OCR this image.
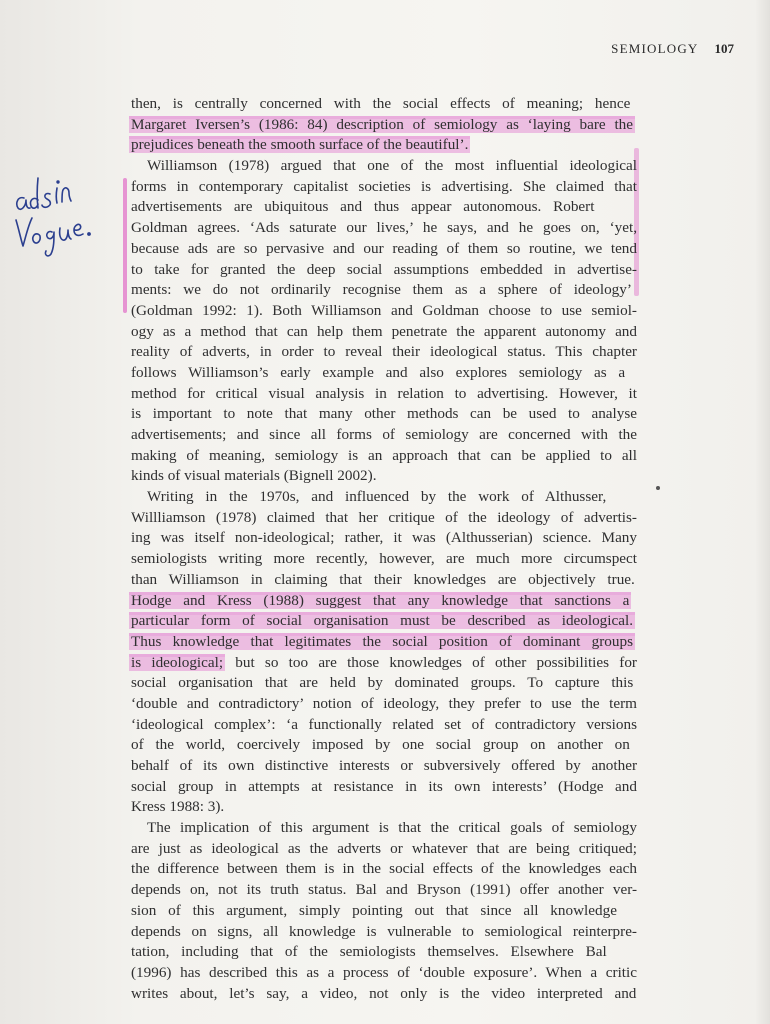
SEMIOLOGY 107
then, is centrally concerned with the social effects of meaning; hence
Margaret Iversen’s (1986: 84) description of semiology as ‘laying bare the
prejudices beneath the smooth surface of the beautiful’.
Williamson (1978) argued that one of the most influential ideological
forms in contemporary capitalist societies is advertising. She claimed that
advertisements are ubiquitous and thus appear autonomous. Robert
Goldman agrees. ‘Ads saturate our lives,’ he says, and he goes on, ‘yet,
because ads are so pervasive and our reading of them so routine, we tend
to take for granted the deep social assumptions embedded in advertise-
ments: we do not ordinarily recognise them as a sphere of ideology’
(Goldman 1992: 1). Both Williamson and Goldman choose to use semiol-
ogy as a method that can help them penetrate the apparent autonomy and
reality of adverts, in order to reveal their ideological status. This chapter
follows Williamson’s early example and also explores semiology as a
method for critical visual analysis in relation to advertising. However, it
is important to note that many other methods can be used to analyse
advertisements; and since all forms of semiology are concerned with the
making of meaning, semiology is an approach that can be applied to all
kinds of visual materials (Bignell 2002).
Writing in the 1970s, and influenced by the work of Althusser,
Willliamson (1978) claimed that her critique of the ideology of advertis-
ing was itself non-ideological; rather, it was (Althusserian) science. Many
semiologists writing more recently, however, are much more circumspect
than Williamson in claiming that their knowledges are objectively true.
Hodge and Kress (1988) suggest that any knowledge that sanctions a
particular form of social organisation must be described as ideological.
Thus knowledge that legitimates the social position of dominant groups
is ideological; but so too are those knowledges of other possibilities for
social organisation that are held by dominated groups. To capture this
‘double and contradictory’ notion of ideology, they prefer to use the term
‘ideological complex’: ‘a functionally related set of contradictory versions
of the world, coercively imposed by one social group on another on
behalf of its own distinctive interests or subversively offered by another
social group in attempts at resistance in its own interests’ (Hodge and
Kress 1988: 3).
The implication of this argument is that the critical goals of semiology
are just as ideological as the adverts or whatever that are being critiqued;
the difference between them is in the social effects of the knowledges each
depends on, not its truth status. Bal and Bryson (1991) offer another ver-
sion of this argument, simply pointing out that since all knowledge
depends on signs, all knowledge is vulnerable to semiological reinterpre-
tation, including that of the semiologists themselves. Elsewhere Bal
(1996) has described this as a process of ‘double exposure’. When a critic
writes about, let’s say, a video, not only is the video interpreted and
